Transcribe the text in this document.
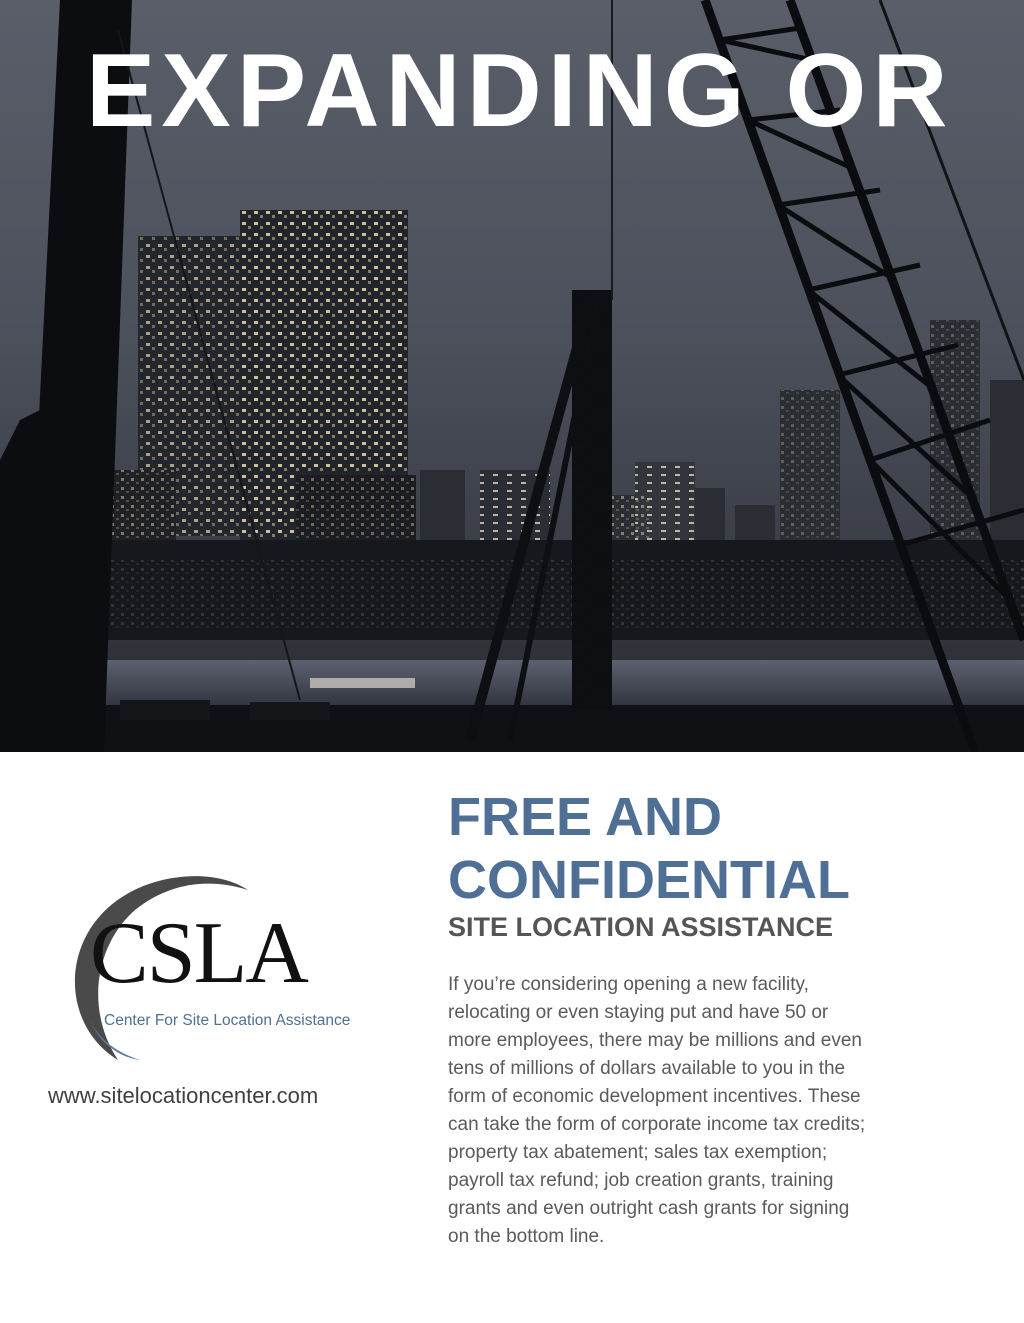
EXPANDING OR
CSLA
Center For Site Location Assistance
www.sitelocationcenter.com
FREE AND
CONFIDENTIAL
SITE LOCATION ASSISTANCE
If you’re considering opening a new facility,
relocating or even staying put and have 50 or
more employees, there may be millions and even
tens of millions of dollars available to you in the
form of economic development incentives. These
can take the form of corporate income tax credits;
property tax abatement; sales tax exemption;
payroll tax refund; job creation grants, training
grants and even outright cash grants for signing
on the bottom line.
